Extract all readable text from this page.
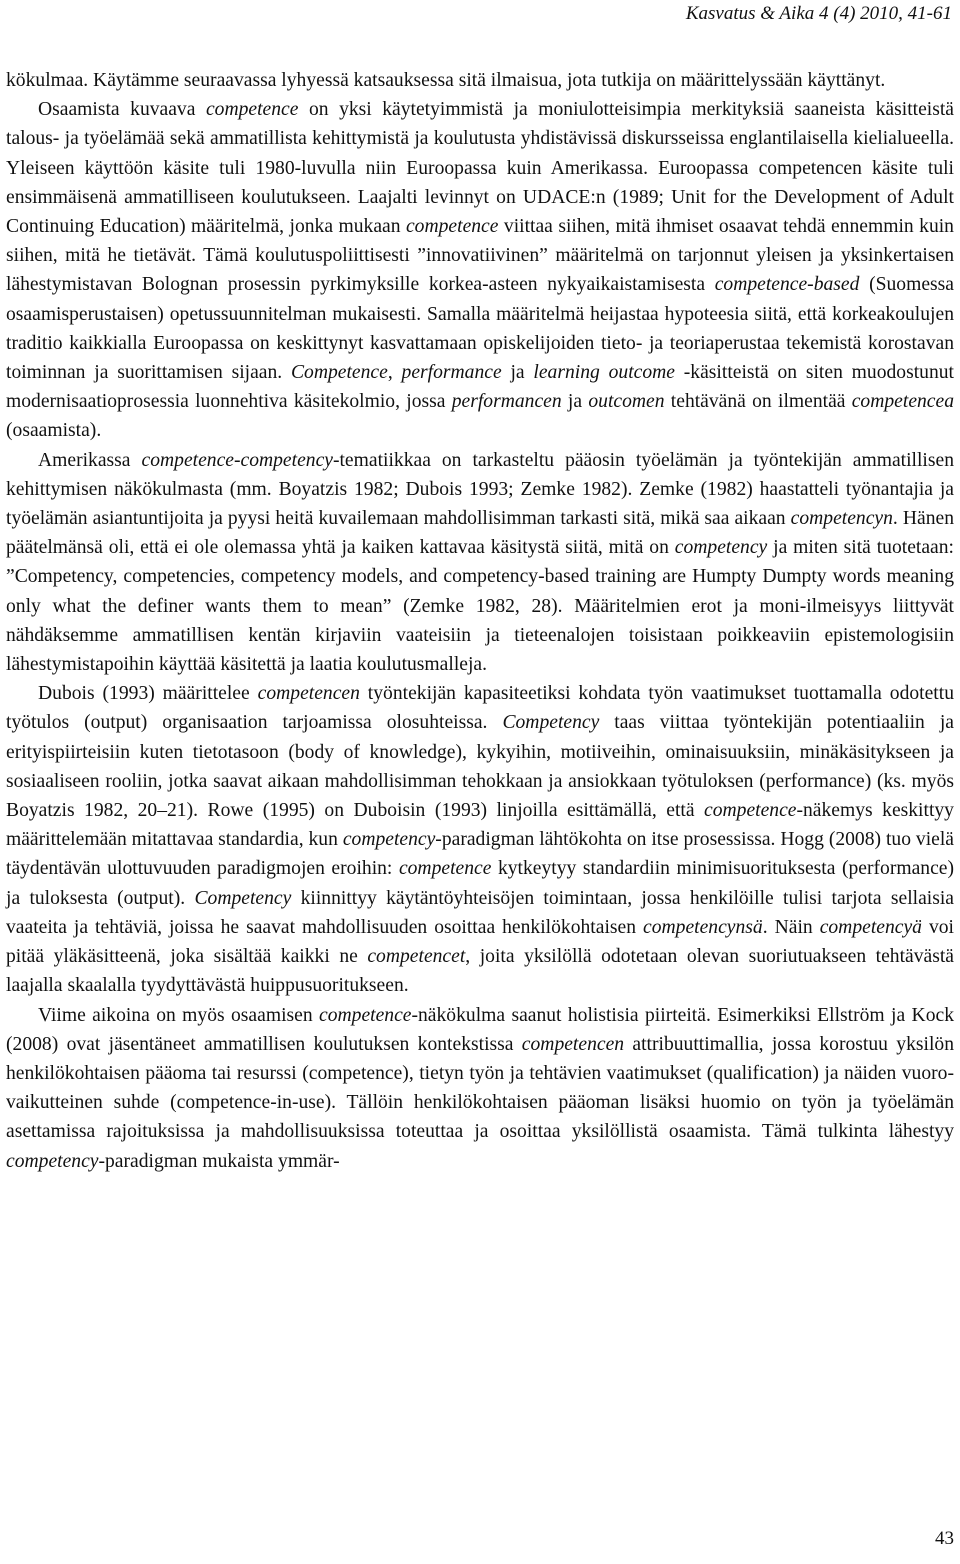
Kasvatus & Aika 4 (4) 2010, 41-61

kökulmaa. Käytämme seuraavassa lyhyessä katsauksessa sitä ilmaisua, jota tutkija on määrittelyssään käyttänyt.

Osaamista kuvaava competence on yksi käytetyimmistä ja moniulotteisimpia merkityksiä saaneista käsitteistä talous- ja työelämää sekä ammatillista kehittymistä ja koulutusta yhdistävissä diskursseissa englantilaisella kielialueella. Yleiseen käyttöön käsite tuli 1980-luvulla niin Euroopassa kuin Amerikassa. Euroopassa competencen käsite tuli ensimmäisenä ammatilliseen koulutukseen. Laajalti levinnyt on UDACE:n (1989; Unit for the Development of Adult Continuing Education) määritelmä, jonka mukaan competence viittaa siihen, mitä ihmiset osaavat tehdä ennemmin kuin siihen, mitä he tietävät. Tämä koulutuspoliittisesti ”innovatiivinen” määritelmä on tarjonnut yleisen ja yksinkertaisen lähestymistavan Bolognan prosessin pyrkimyksille korkea-asteen nykyaikaistamisesta competence-based (Suomessa osaamisperustaisen) opetussuunnitelman mukaisesti. Samalla määritelmä heijastaa hypoteesia siitä, että korkeakoulujen traditio kaikkialla Euroopassa on keskittynyt kasvattamaan opiskelijoiden tieto- ja teoriaperustaa tekemistä korostavan toiminnan ja suorittamisen sijaan. Competence, performance ja learning outcome -käsitteistä on siten muodostunut modernisaatioprosessia luonnehtiva käsitekolmio, jossa performancen ja outcomen tehtävänä on ilmentää competencea (osaamista).

Amerikassa competence-competency-tematiikkaa on tarkasteltu pääosin työelämän ja työntekijän ammatillisen kehittymisen näkökulmasta (mm. Boyatzis 1982; Dubois 1993; Zemke 1982). Zemke (1982) haastatteli työnantajia ja työelämän asiantuntijoita ja pyysi heitä kuvailemaan mahdollisimman tarkasti sitä, mikä saa aikaan competencyn. Hänen päätelmänsä oli, että ei ole olemassa yhtä ja kaiken kattavaa käsitystä siitä, mitä on competency ja miten sitä tuotetaan: ”Competency, competencies, competency models, and competency-based training are Humpty Dumpty words meaning only what the definer wants them to mean” (Zemke 1982, 28). Määritelmien erot ja moni-ilmeisyys liittyvät nähdäksemme ammatillisen kentän kirjaviin vaateisiin ja tieteenalojen toisistaan poikkeaviin epistemologisiin lähestymistapoihin käyttää käsitettä ja laatia koulutusmalleja.

Dubois (1993) määrittelee competencen työntekijän kapasiteetiksi kohdata työn vaatimukset tuottamalla odotettu työtulos (output) organisaation tarjoamissa olosuhteissa. Competency taas viittaa työntekijän potentiaaliin ja erityispiirteisiin kuten tietotasoon (body of knowledge), kykyihin, motiiveihin, ominaisuuksiin, minäkäsitykseen ja sosiaaliseen rooliin, jotka saavat aikaan mahdollisimman tehokkaan ja ansiokkaan työtuloksen (performance) (ks. myös Boyatzis 1982, 20–21). Rowe (1995) on Duboisin (1993) linjoilla esittämällä, että competence-näkemys keskittyy määrittelemään mitattavaa standardia, kun competency-paradigman lähtökohta on itse prosessissa. Hogg (2008) tuo vielä täydentävän ulottuvuuden paradigmojen eroihin: competence kytkeytyy standardiin minimisuorituksesta (performance) ja tuloksesta (output). Competency kiinnittyy käytäntöyhteisöjen toimintaan, jossa henkilöille tulisi tarjota sellaisia vaateita ja tehtäviä, joissa he saavat mahdollisuuden osoittaa henkilökohtaisen competencynsä. Näin competencyä voi pitää yläkäsitteenä, joka sisältää kaikki ne competencet, joita yksilöllä odotetaan olevan suoriutuakseen tehtävästä laajalla skaalalla tyydyttävästä huippusuoritukseen.

Viime aikoina on myös osaamisen competence-näkökulma saanut holistisia piirteitä. Esimerkiksi Ellström ja Kock (2008) ovat jäsentäneet ammatillisen koulutuksen kontekstissa competencen attribuuttimallia, jossa korostuu yksilön henkilökohtaisen pääoma tai resurssi (competence), tietyn työn ja tehtävien vaatimukset (qualification) ja näiden vuorovaikutteinen suhde (competence-in-use). Tällöin henkilökohtaisen pääoman lisäksi huomio on työn ja työelämän asettamissa rajoituksissa ja mahdollisuuksissa toteuttaa ja osoittaa yksilöllistä osaamista. Tämä tulkinta lähestyy competency-paradigman mukaista ymmär-

43
